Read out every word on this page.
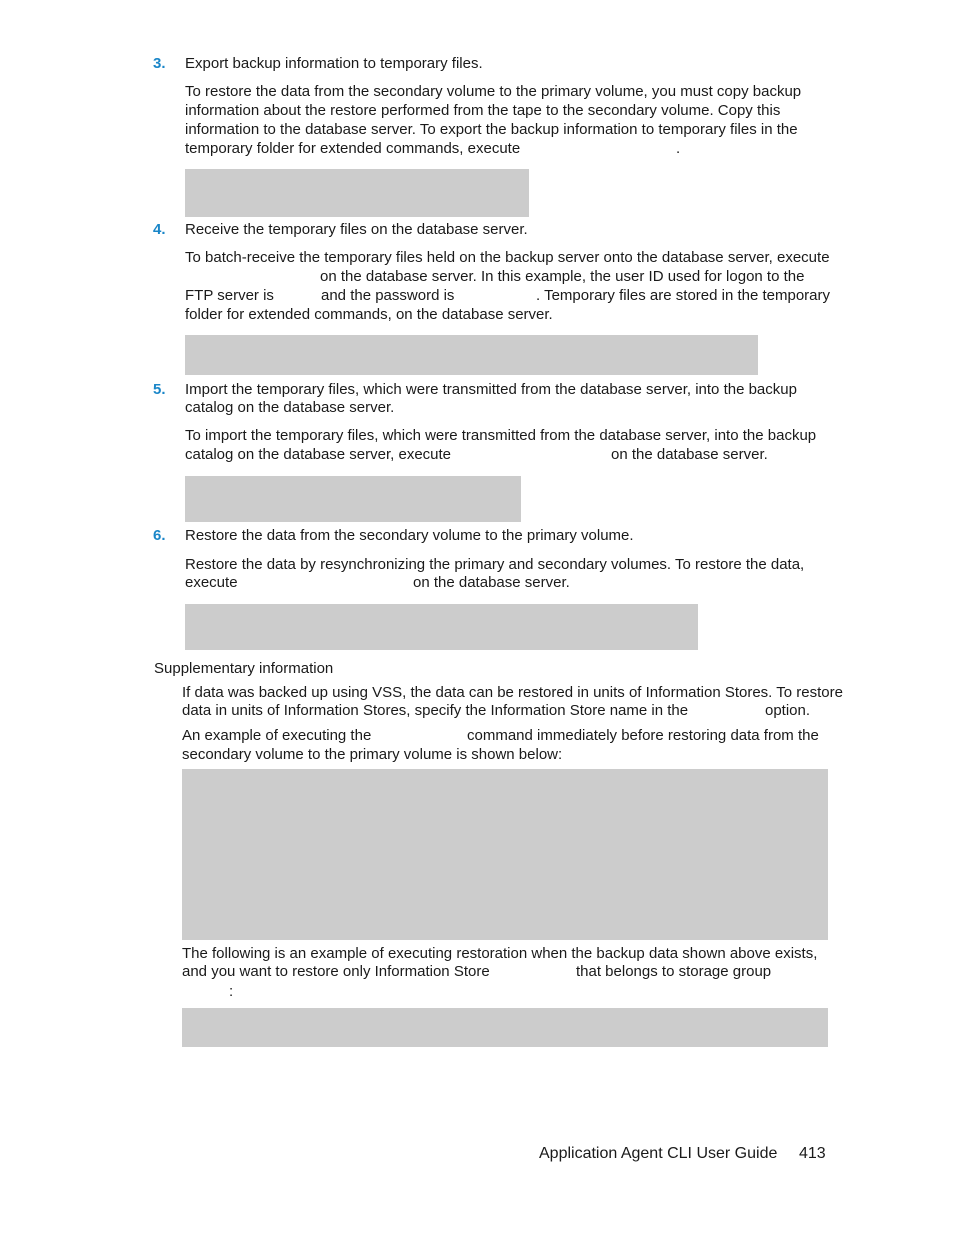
3. Export backup information to temporary files.

To restore the data from the secondary volume to the primary volume, you must copy backup

information about the restore performed from the tape to the secondary volume. Copy this

information to the database server. To export the backup information to temporary files in the

temporary folder for extended commands, execute	.

4. Receive the temporary files on the database server.

To batch-receive the temporary files held on the backup server onto the database server, execute

on the database server. In this example, the user ID used for logon to the

FTP server is	and the password is	. Temporary files are stored in the temporary

folder for extended commands, on the database server.

5. Import the temporary files, which were transmitted from the database server, into the backup

catalog on the database server.

To import the temporary files, which were transmitted from the database server, into the backup

catalog on the database server, execute	on the database server.

6. Restore the data from the secondary volume to the primary volume.

Restore the data by resynchronizing the primary and secondary volumes. To restore the data,

execute	on the database server.

Supplementary information

If data was backed up using VSS, the data can be restored in units of Information Stores. To restore

data in units of Information Stores, specify the Information Store name in the	option.

An example of executing the	command immediately before restoring data from the

secondary volume to the primary volume is shown below:

The following is an example of executing restoration when the backup data shown above exists,

and you want to restore only Information Store	that belongs to storage group

:

Application Agent CLI User Guide 413
